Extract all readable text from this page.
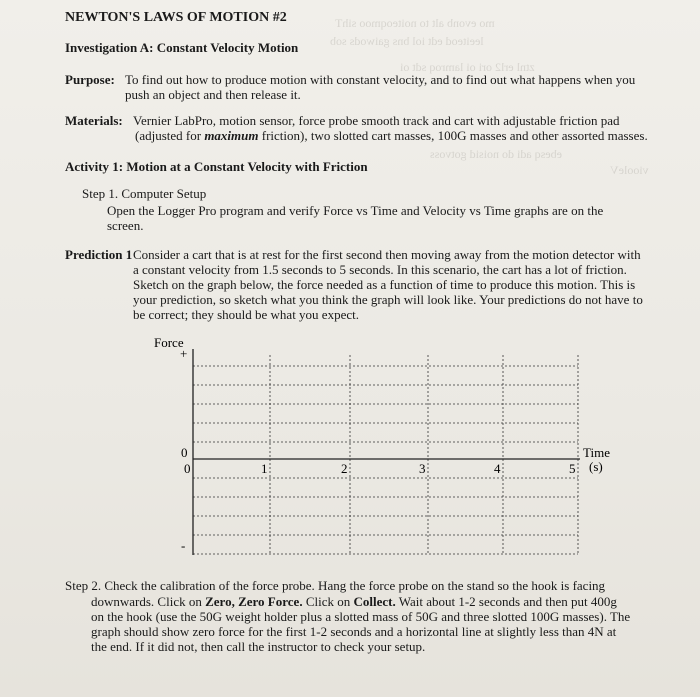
mo evonb alt to noiteoqmoo sihT
leeiteod edt iol bns gaiwods sob
ztnl erl2 ori oi lamroq sdt oi
viooleV
ebesq adi do noisid gotvoss
NEWTON'S LAWS OF MOTION #2
Investigation A: Constant Velocity Motion
Purpose: To find out how to produce motion with constant velocity, and to find out what happens when you
push an object and then release it.
Materials: Vernier LabPro, motion sensor, force probe smooth track and cart with adjustable friction pad
(adjusted for maximum friction), two slotted cart masses, 100G masses and other assorted masses.
Activity 1: Motion at a Constant Velocity with Friction
Step 1. Computer Setup
Open the Logger Pro program and verify Force vs Time and Velocity vs Time graphs are on the
screen.
Prediction 1 Consider a cart that is at rest for the first second then moving away from the motion detector with
a constant velocity from 1.5 seconds to 5 seconds. In this scenario, the cart has a lot of friction.
Sketch on the graph below, the force needed as a function of time to produce this motion. This is
your prediction, so sketch what you think the graph will look like. Your predictions do not have to
be correct; they should be what you expect.
Force
+
-
0	Time
(s)
0	1	2	3	4	5
Step 2. Check the calibration of the force probe. Hang the force probe on the stand so the hook is facing
downwards. Click on Zero, Zero Force. Click on Collect. Wait about 1-2 seconds and then put 400g
on the hook (use the 50G weight holder plus a slotted mass of 50G and three slotted 100G masses). The
graph should show zero force for the first 1-2 seconds and a horizontal line at slightly less than 4N at
the end. If it did not, then call the instructor to check your setup.
